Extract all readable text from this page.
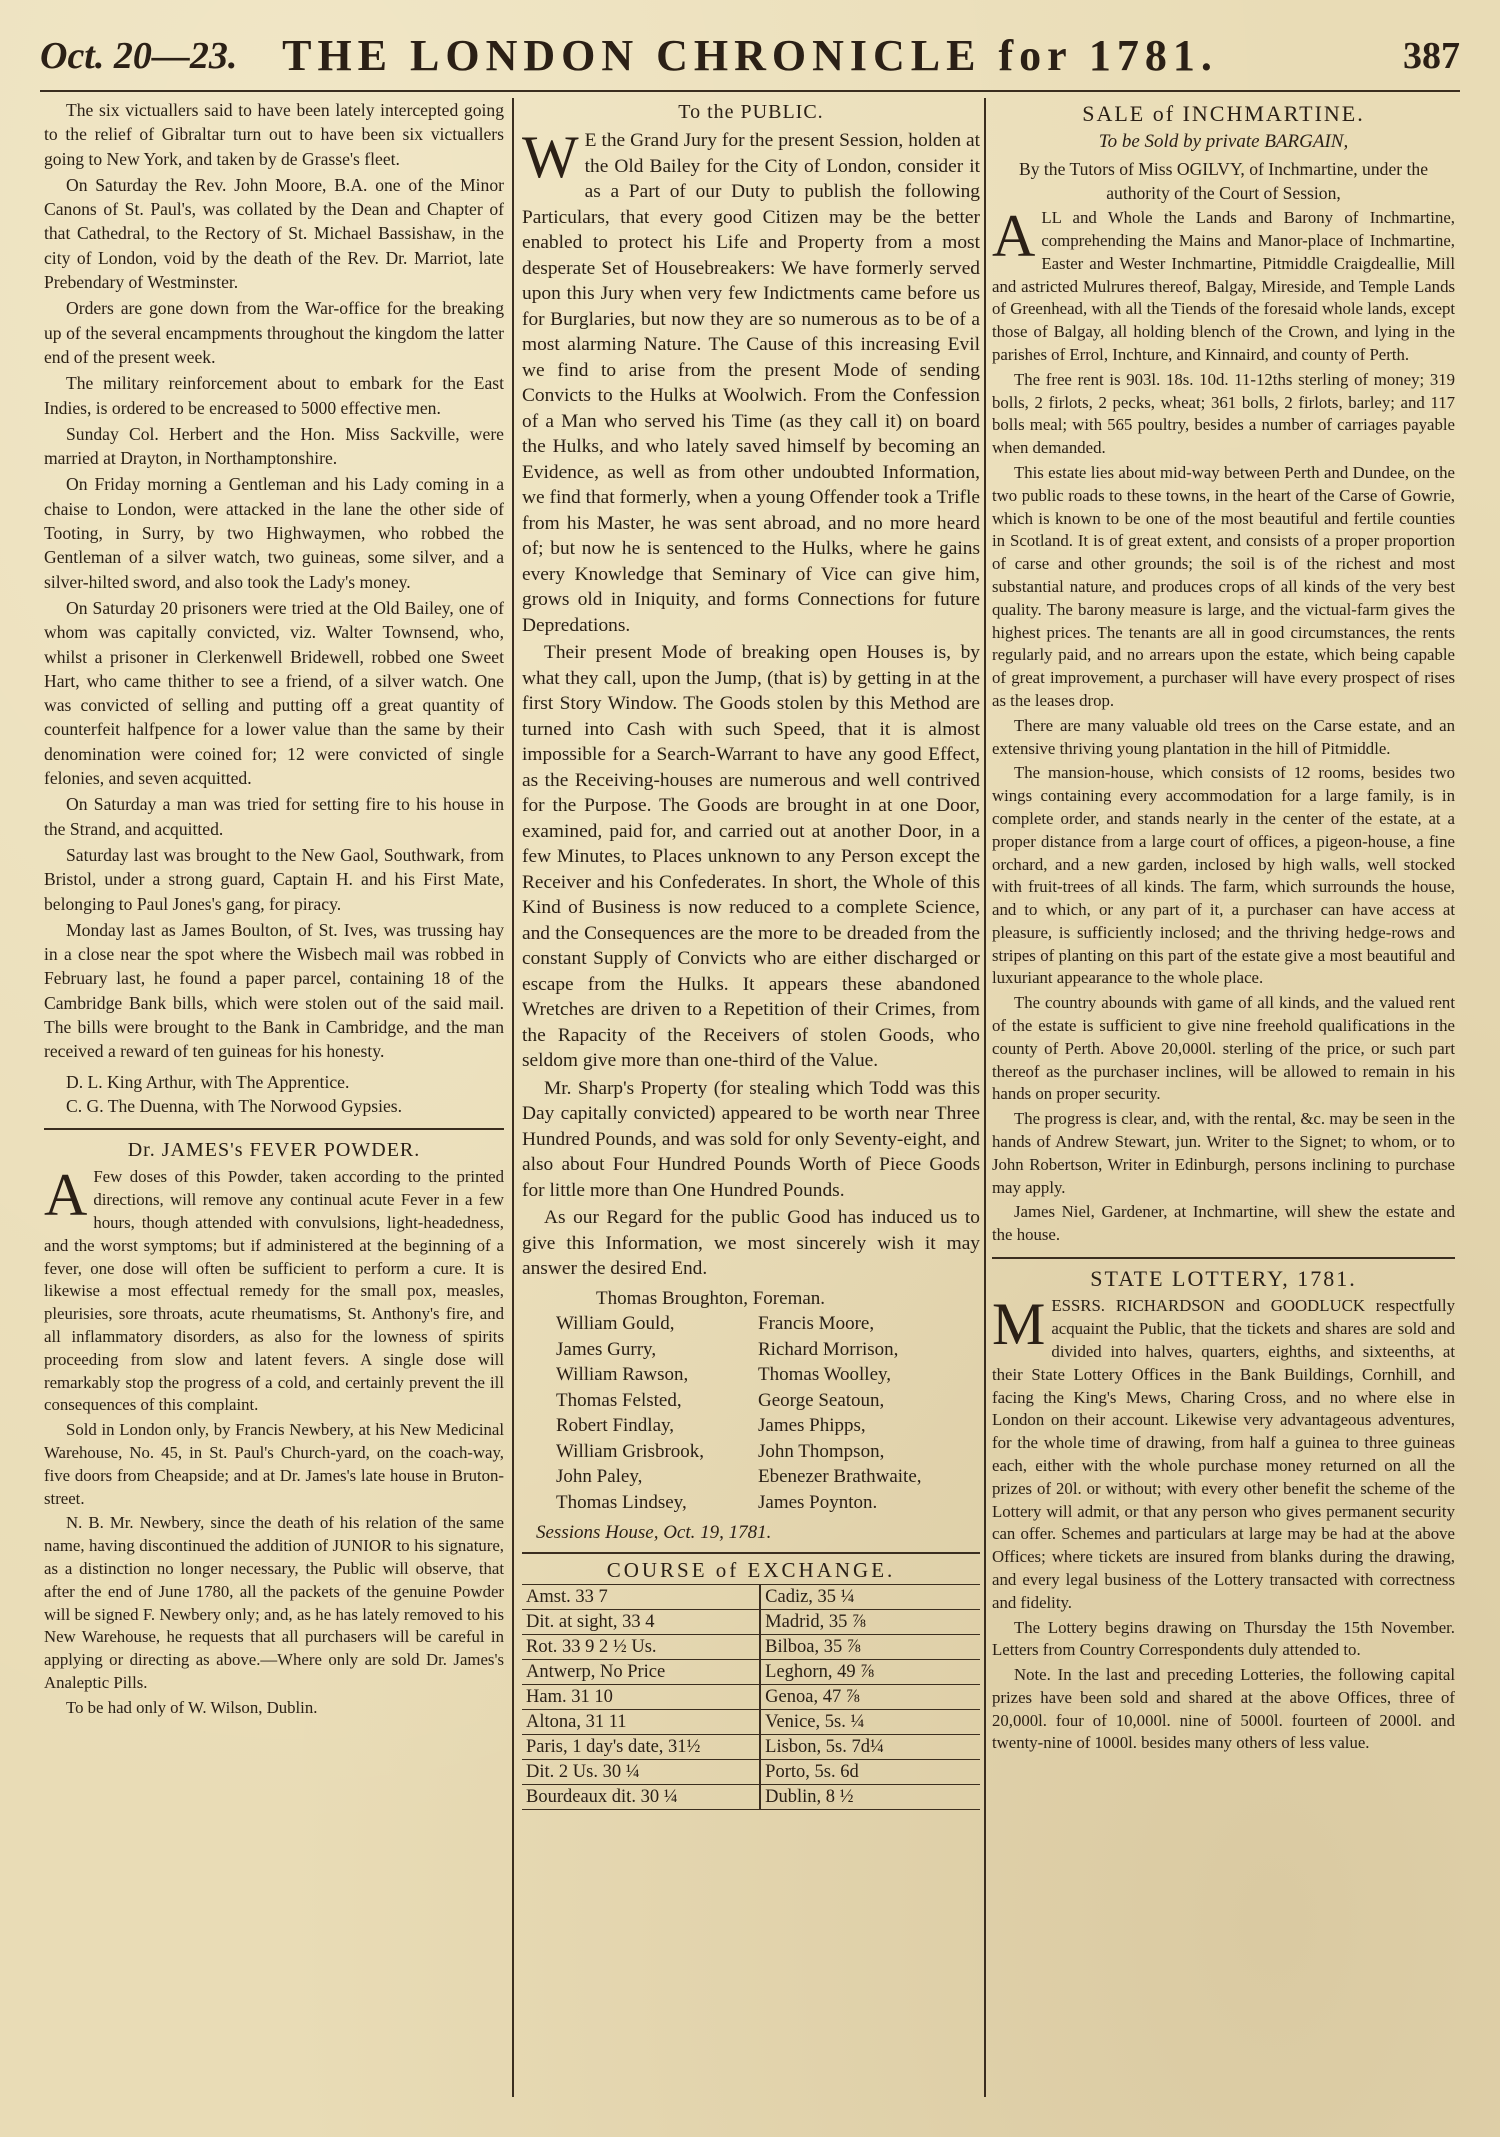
Oct. 20—23.	THE LONDON CHRONICLE for 1781.	387

The six victuallers said to have been lately intercepted going to the relief of Gibraltar turn out to have been six victuallers going to New York, and taken by de Grasse's fleet.

On Saturday the Rev. John Moore, B.A. one of the Minor Canons of St. Paul's, was collated by the Dean and Chapter of that Cathedral, to the Rectory of St. Michael Bassishaw, in the city of London, void by the death of the Rev. Dr. Marriot, late Prebendary of Westminster.

Orders are gone down from the War-office for the breaking up of the several encampments throughout the kingdom the latter end of the present week.

The military reinforcement about to embark for the East Indies, is ordered to be encreased to 5000 effective men.

Sunday Col. Herbert and the Hon. Miss Sackville, were married at Drayton, in Northamptonshire.

On Friday morning a Gentleman and his Lady coming in a chaise to London, were attacked in the lane the other side of Tooting, in Surry, by two Highwaymen, who robbed the Gentleman of a silver watch, two guineas, some silver, and a silver-hilted sword, and also took the Lady's money.

On Saturday 20 prisoners were tried at the Old Bailey, one of whom was capitally convicted, viz. Walter Townsend, who, whilst a prisoner in Clerkenwell Bridewell, robbed one Sweet Hart, who came thither to see a friend, of a silver watch. One was convicted of selling and putting off a great quantity of counterfeit halfpence for a lower value than the same by their denomination were coined for; 12 were convicted of single felonies, and seven acquitted.

On Saturday a man was tried for setting fire to his house in the Strand, and acquitted.

Saturday last was brought to the New Gaol, Southwark, from Bristol, under a strong guard, Captain H. and his First Mate, belonging to Paul Jones's gang, for piracy.

Monday last as James Boulton, of St. Ives, was trussing hay in a close near the spot where the Wisbech mail was robbed in February last, he found a paper parcel, containing 18 of the Cambridge Bank bills, which were stolen out of the said mail. The bills were brought to the Bank in Cambridge, and the man received a reward of ten guineas for his honesty.

D. L. King Arthur, with The Apprentice.
C. G. The Duenna, with The Norwood Gypsies.
Dr. JAMES's FEVER POWDER.

A Few doses of this Powder, taken according to the printed directions, will remove any continual acute Fever in a few hours, though attended with convulsions, light-headedness, and the worst symptoms; but if administered at the beginning of a fever, one dose will often be sufficient to perform a cure. It is likewise a most effectual remedy for the small pox, measles, pleurisies, sore throats, acute rheumatisms, St. Anthony's fire, and all inflammatory disorders, as also for the lowness of spirits proceeding from slow and latent fevers. A single dose will remarkably stop the progress of a cold, and certainly prevent the ill consequences of this complaint.

Sold in London only, by Francis Newbery, at his New Medicinal Warehouse, No. 45, in St. Paul's Church-yard, on the coach-way, five doors from Cheapside; and at Dr. James's late house in Bruton-street.

N. B. Mr. Newbery, since the death of his relation of the same name, having discontinued the addition of JUNIOR to his signature, as a distinction no longer necessary, the Public will observe, that after the end of June 1780, all the packets of the genuine Powder will be signed F. Newbery only; and, as he has lately removed to his New Warehouse, he requests that all purchasers will be careful in applying or directing as above.—Where only are sold Dr. James's Analeptic Pills.

To be had only of W. Wilson, Dublin.

To the PUBLIC.

W E the Grand Jury for the present Session, holden at the Old Bailey for the City of London, consider it as a Part of our Duty to publish the following Particulars, that every good Citizen may be the better enabled to protect his Life and Property from a most desperate Set of Housebreakers: We have formerly served upon this Jury when very few Indictments came before us for Burglaries, but now they are so numerous as to be of a most alarming Nature. The Cause of this increasing Evil we find to arise from the present Mode of sending Convicts to the Hulks at Woolwich. From the Confession of a Man who served his Time (as they call it) on board the Hulks, and who lately saved himself by becoming an Evidence, as well as from other undoubted Information, we find that formerly, when a young Offender took a Trifle from his Master, he was sent abroad, and no more heard of; but now he is sentenced to the Hulks, where he gains every Knowledge that Seminary of Vice can give him, grows old in Iniquity, and forms Connections for future Depredations.

Their present Mode of breaking open Houses is, by what they call, upon the Jump, (that is) by getting in at the first Story Window. The Goods stolen by this Method are turned into Cash with such Speed, that it is almost impossible for a Search-Warrant to have any good Effect, as the Receiving-houses are numerous and well contrived for the Purpose. The Goods are brought in at one Door, examined, paid for, and carried out at another Door, in a few Minutes, to Places unknown to any Person except the Receiver and his Confederates. In short, the Whole of this Kind of Business is now reduced to a complete Science, and the Consequences are the more to be dreaded from the constant Supply of Convicts who are either discharged or escape from the Hulks. It appears these abandoned Wretches are driven to a Repetition of their Crimes, from the Rapacity of the Receivers of stolen Goods, who seldom give more than one-third of the Value.

Mr. Sharp's Property (for stealing which Todd was this Day capitally convicted) appeared to be worth near Three Hundred Pounds, and was sold for only Seventy-eight, and also about Four Hundred Pounds Worth of Piece Goods for little more than One Hundred Pounds.

As our Regard for the public Good has induced us to give this Information, we most sincerely wish it may answer the desired End.

Thomas Broughton, Foreman.
William Gould,	Francis Moore,
James Gurry,	Richard Morrison,
William Rawson,	Thomas Woolley,
Thomas Felsted,	George Seatoun,
Robert Findlay,	James Phipps,
William Grisbrook,	John Thompson,
John Paley,	Ebenezer Brathwaite,
Thomas Lindsey,	James Poynton.
Sessions House, Oct. 19, 1781.
COURSE of EXCHANGE.
Amst. 33 7	Cadiz, 35 ¼
Dit. at sight, 33 4	Madrid, 35 ⅞
Rot. 33 9 2 ½ Us.	Bilboa, 35 ⅞
Antwerp, No Price	Leghorn, 49 ⅞
Ham. 31 10	Genoa, 47 ⅞
Altona, 31 11	Venice, 5s. ¼
Paris, 1 day's date, 31½	Lisbon, 5s. 7d¼
Dit. 2 Us. 30 ¼	Porto, 5s. 6d
Bourdeaux dit. 30 ¼	Dublin, 8 ½
SALE of INCHMARTINE.
To be Sold by private BARGAIN,

By the Tutors of Miss OGILVY, of Inchmartine, under the authority of the Court of Session,

ALL and Whole the Lands and Barony of Inchmartine, comprehending the Mains and Manor-place of Inchmartine, Easter and Wester Inchmartine, Pitmiddle Craigdeallie, Mill and astricted Mulrures thereof, Balgay, Mireside, and Temple Lands of Greenhead, with all the Tiends of the foresaid whole lands, except those of Balgay, all holding blench of the Crown, and lying in the parishes of Errol, Inchture, and Kinnaird, and county of Perth.

The free rent is 903l. 18s. 10d. 11-12ths sterling of money; 319 bolls, 2 firlots, 2 pecks, wheat; 361 bolls, 2 firlots, barley; and 117 bolls meal; with 565 poultry, besides a number of carriages payable when demanded.

This estate lies about mid-way between Perth and Dundee, on the two public roads to these towns, in the heart of the Carse of Gowrie, which is known to be one of the most beautiful and fertile counties in Scotland. It is of great extent, and consists of a proper proportion of carse and other grounds; the soil is of the richest and most substantial nature, and produces crops of all kinds of the very best quality. The barony measure is large, and the victual-farm gives the highest prices. The tenants are all in good circumstances, the rents regularly paid, and no arrears upon the estate, which being capable of great improvement, a purchaser will have every prospect of rises as the leases drop.

There are many valuable old trees on the Carse estate, and an extensive thriving young plantation in the hill of Pitmiddle.

The mansion-house, which consists of 12 rooms, besides two wings containing every accommodation for a large family, is in complete order, and stands nearly in the center of the estate, at a proper distance from a large court of offices, a pigeon-house, a fine orchard, and a new garden, inclosed by high walls, well stocked with fruit-trees of all kinds. The farm, which surrounds the house, and to which, or any part of it, a purchaser can have access at pleasure, is sufficiently inclosed; and the thriving hedge-rows and stripes of planting on this part of the estate give a most beautiful and luxuriant appearance to the whole place.

The country abounds with game of all kinds, and the valued rent of the estate is sufficient to give nine freehold qualifications in the county of Perth. Above 20,000l. sterling of the price, or such part thereof as the purchaser inclines, will be allowed to remain in his hands on proper security.

The progress is clear, and, with the rental, &c. may be seen in the hands of Andrew Stewart, jun. Writer to the Signet; to whom, or to John Robertson, Writer in Edinburgh, persons inclining to purchase may apply.

James Niel, Gardener, at Inchmartine, will shew the estate and the house.

STATE LOTTERY, 1781.

MESSRS. RICHARDSON and GOODLUCK respectfully acquaint the Public, that the tickets and shares are sold and divided into halves, quarters, eighths, and sixteenths, at their State Lottery Offices in the Bank Buildings, Cornhill, and facing the King's Mews, Charing Cross, and no where else in London on their account. Likewise very advantageous adventures, for the whole time of drawing, from half a guinea to three guineas each, either with the whole purchase money returned on all the prizes of 20l. or without; with every other benefit the scheme of the Lottery will admit, or that any person who gives permanent security can offer. Schemes and particulars at large may be had at the above Offices; where tickets are insured from blanks during the drawing, and every legal business of the Lottery transacted with correctness and fidelity.

The Lottery begins drawing on Thursday the 15th November. Letters from Country Correspondents duly attended to.

Note. In the last and preceding Lotteries, the following capital prizes have been sold and shared at the above Offices, three of 20,000l. four of 10,000l. nine of 5000l. fourteen of 2000l. and twenty-nine of 1000l. besides many others of less value.
